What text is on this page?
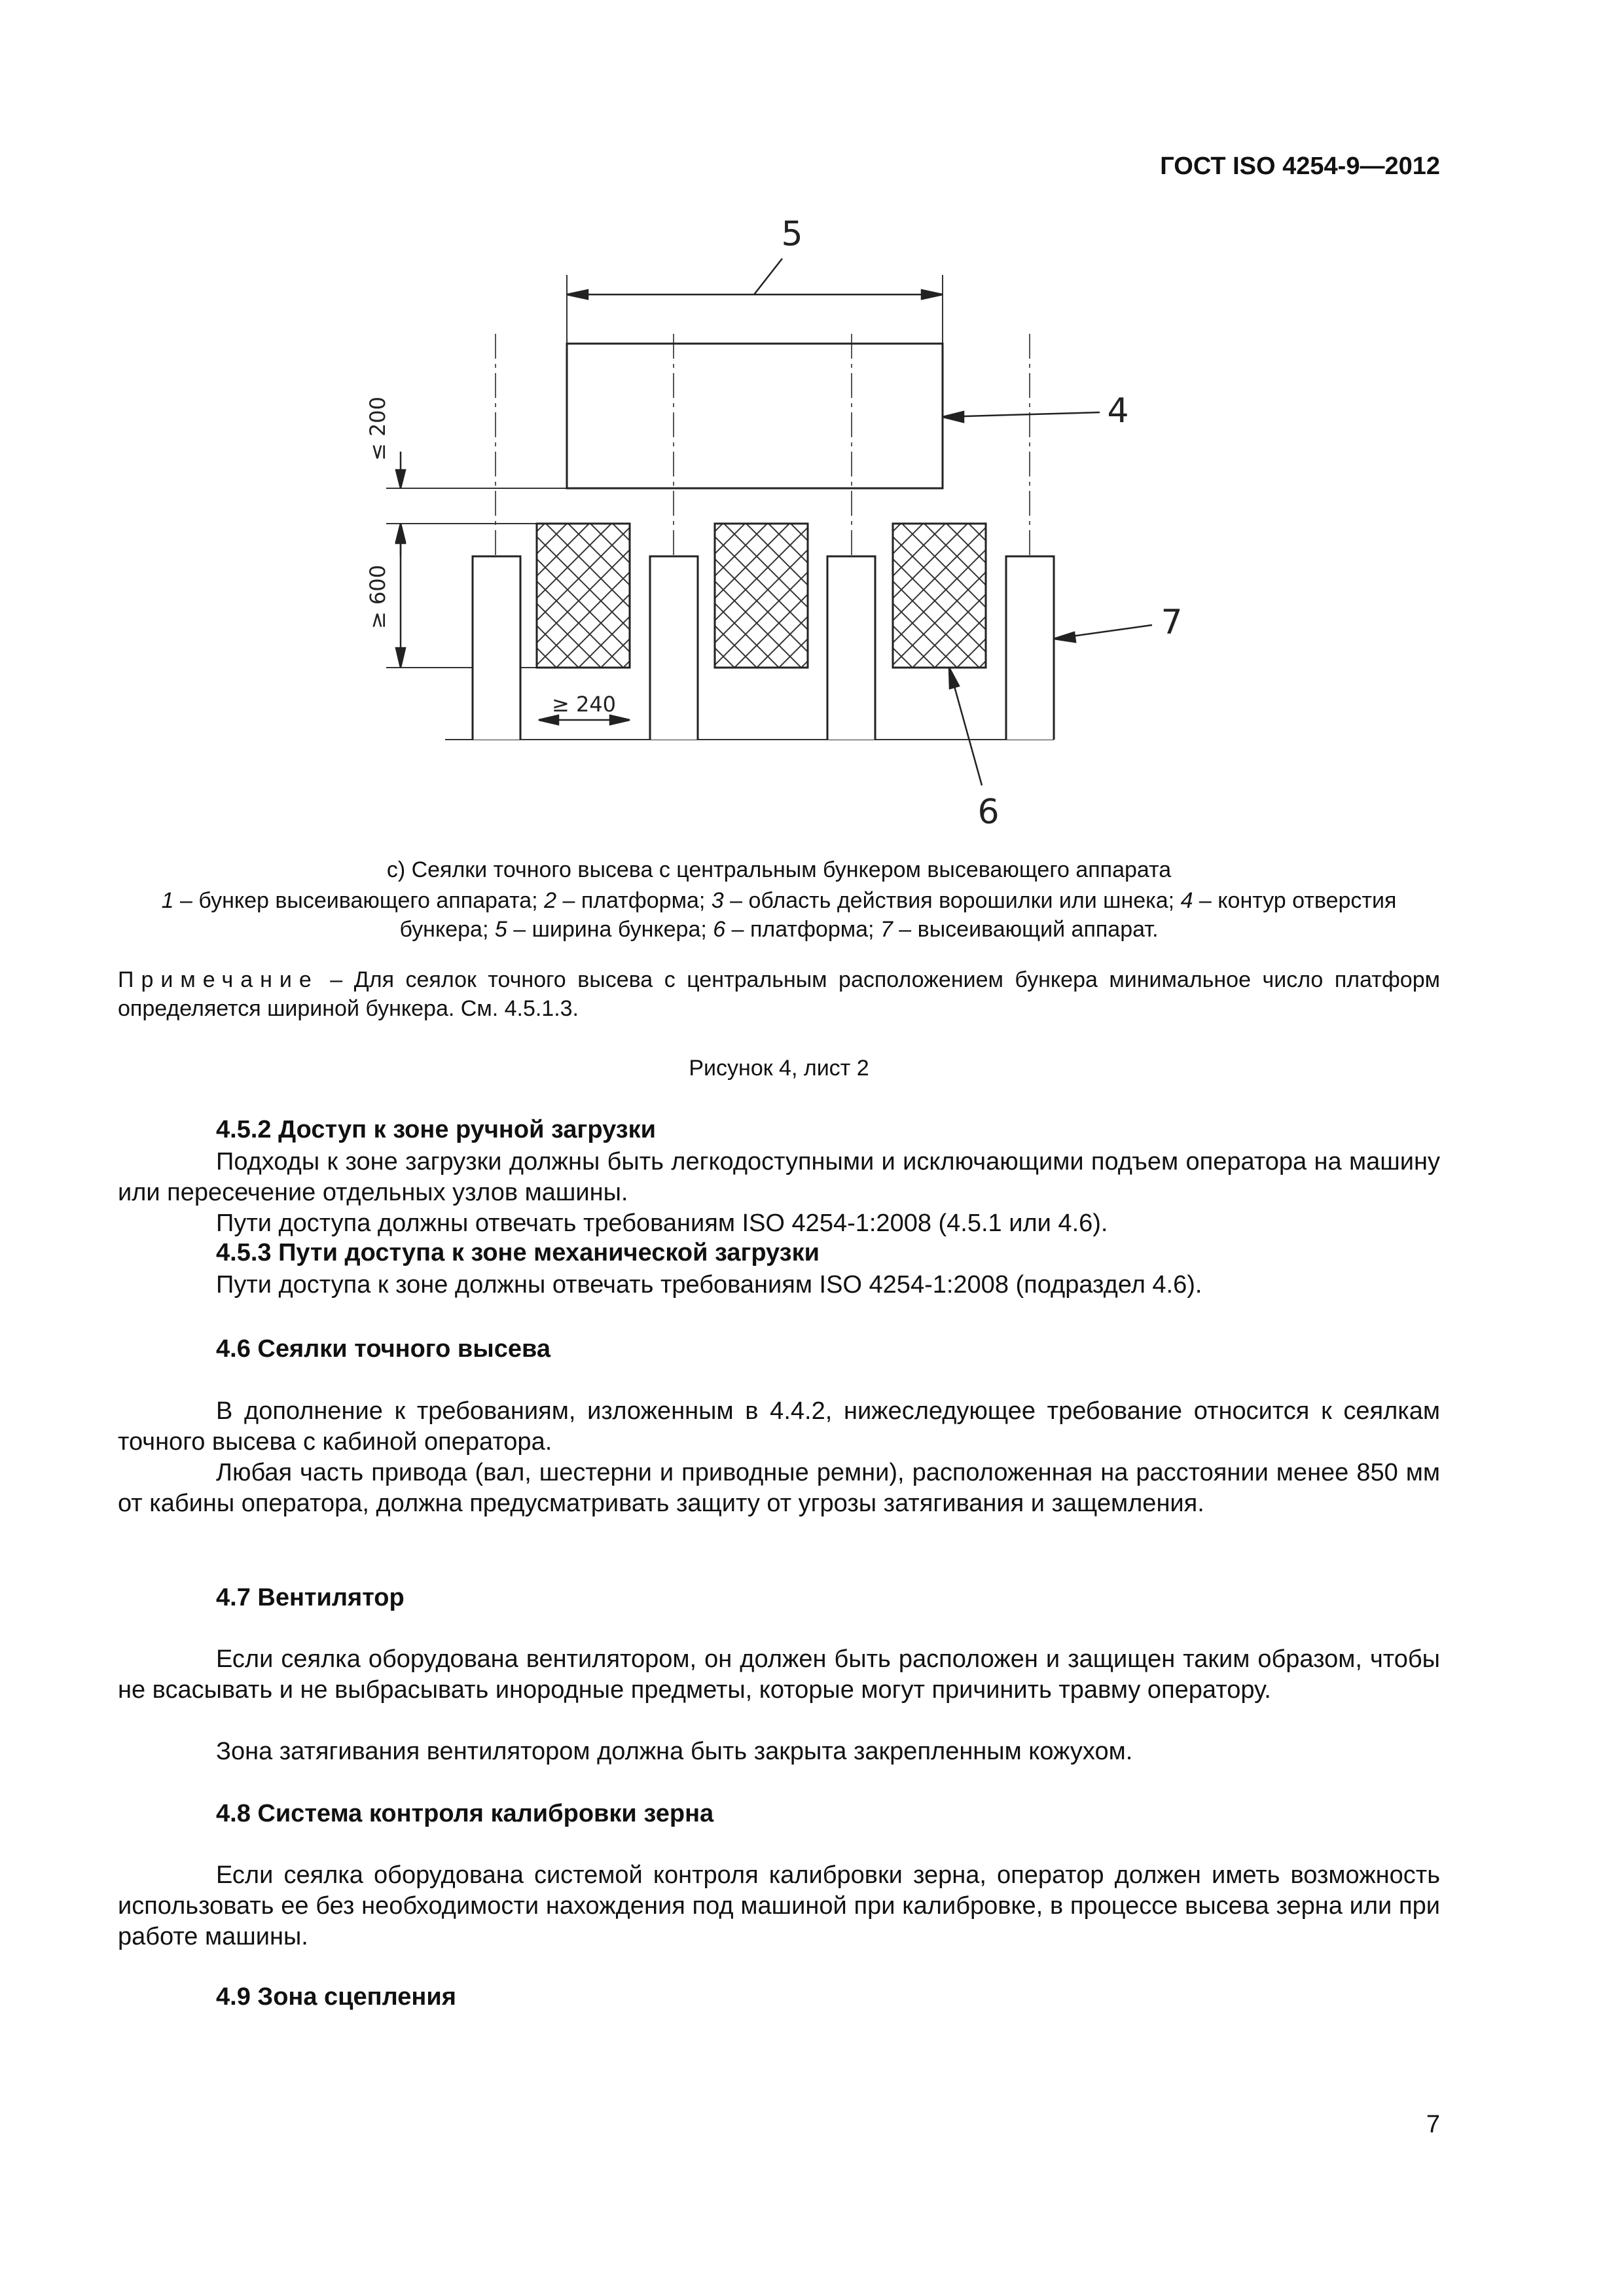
ГОСТ ISO 4254-9—2012
5
4
7
6
≤ 200
≥ 600
≥ 240
c) Сеялки точного высева с центральным бункером высевающего аппарата
1 – бункер высеивающего аппарата; 2 – платформа; 3 – область действия ворошилки или шнека; 4 – контур отверстия бункера; 5 – ширина бункера; 6 – платформа; 7 – высеивающий аппарат.
Примечание – Для сеялок точного высева с центральным расположением бункера минимальное число платформ определяется шириной бункера. См. 4.5.1.3.
Рисунок 4, лист 2
4.5.2 Доступ к зоне ручной загрузки
Подходы к зоне загрузки должны быть легкодоступными и исключающими подъем оператора на машину или пересечение отдельных узлов машины.
Пути доступа должны отвечать требованиям ISO 4254-1:2008 (4.5.1 или 4.6).
4.5.3 Пути доступа к зоне механической загрузки
Пути доступа к зоне должны отвечать требованиям ISO 4254-1:2008 (подраздел 4.6).
4.6 Сеялки точного высева
В дополнение к требованиям, изложенным в 4.4.2, нижеследующее требование относится к сеялкам точного высева с кабиной оператора.
Любая часть привода (вал, шестерни и приводные ремни), расположенная на расстоянии менее 850 мм от кабины оператора, должна предусматривать защиту от угрозы затягивания и защемления.
4.7 Вентилятор
Если сеялка оборудована вентилятором, он должен быть расположен и защищен таким образом, чтобы не всасывать и не выбрасывать инородные предметы, которые могут причинить травму оператору.
Зона затягивания вентилятором должна быть закрыта закрепленным кожухом.
4.8 Система контроля калибровки зерна
Если сеялка оборудована системой контроля калибровки зерна, оператор должен иметь возможность использовать ее без необходимости нахождения под машиной при калибровке, в процессе высева зерна или при работе машины.
4.9 Зона сцепления
7
